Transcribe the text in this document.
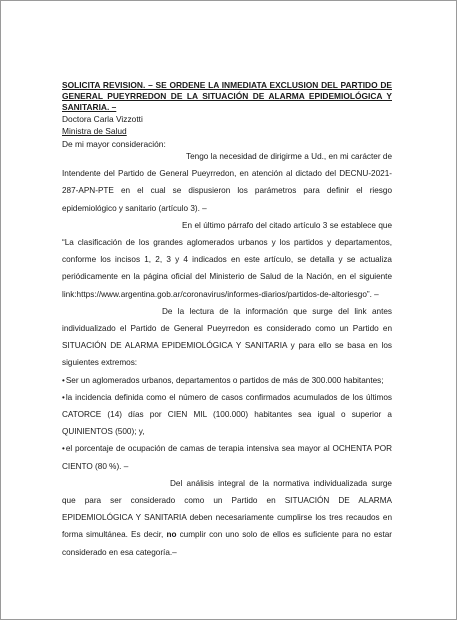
SOLICITA REVISION. – SE ORDENE LA INMEDIATA EXCLUSION DEL PARTIDO DE GENERAL PUEYRREDON DE LA SITUACIÓN DE ALARMA EPIDEMIOLÓGICA Y SANITARIA. –

Doctora Carla Vizzotti

Ministra de Salud

De mi mayor consideración:

Tengo la necesidad de dirigirme a Ud., en mi carácter de Intendente del Partido de General Pueyrredon, en atención al dictado del DECNU-2021-287-APN-PTE en el cual se dispusieron los parámetros para definir el riesgo epidemiológico y sanitario (artículo 3). –

En el último párrafo del citado artículo 3 se establece que “La clasificación de los grandes aglomerados urbanos y los partidos y departamentos, conforme los incisos 1, 2, 3 y 4 indicados en este artículo, se detalla y se actualiza periódicamente en la página oficial del Ministerio de Salud de la Nación, en el siguiente link:https://www.argentina.gob.ar/coronavirus/informes-diarios/partidos-de-altoriesgo”. –

De la lectura de la información que surge del link antes individualizado el Partido de General Pueyrredon es considerado como un Partido en SITUACIÓN DE ALARMA EPIDEMIOLÓGICA Y SANITARIA y para ello se basa en los siguientes extremos:

•Ser un aglomerados urbanos, departamentos o partidos de más de 300.000 habitantes;

•la incidencia definida como el número de casos confirmados acumulados de los últimos CATORCE (14) días por CIEN MIL (100.000) habitantes sea igual o superior a QUINIENTOS (500); y,

•el porcentaje de ocupación de camas de terapia intensiva sea mayor al OCHENTA POR CIENTO (80 %). –

Del análisis integral de la normativa individualizada surge que para ser considerado como un Partido en SITUACIÓN DE ALARMA EPIDEMIOLÓGICA Y SANITARIA deben necesariamente cumplirse los tres recaudos en forma simultánea. Es decir, no cumplir con uno solo de ellos es suficiente para no estar considerado en esa categoría.–
